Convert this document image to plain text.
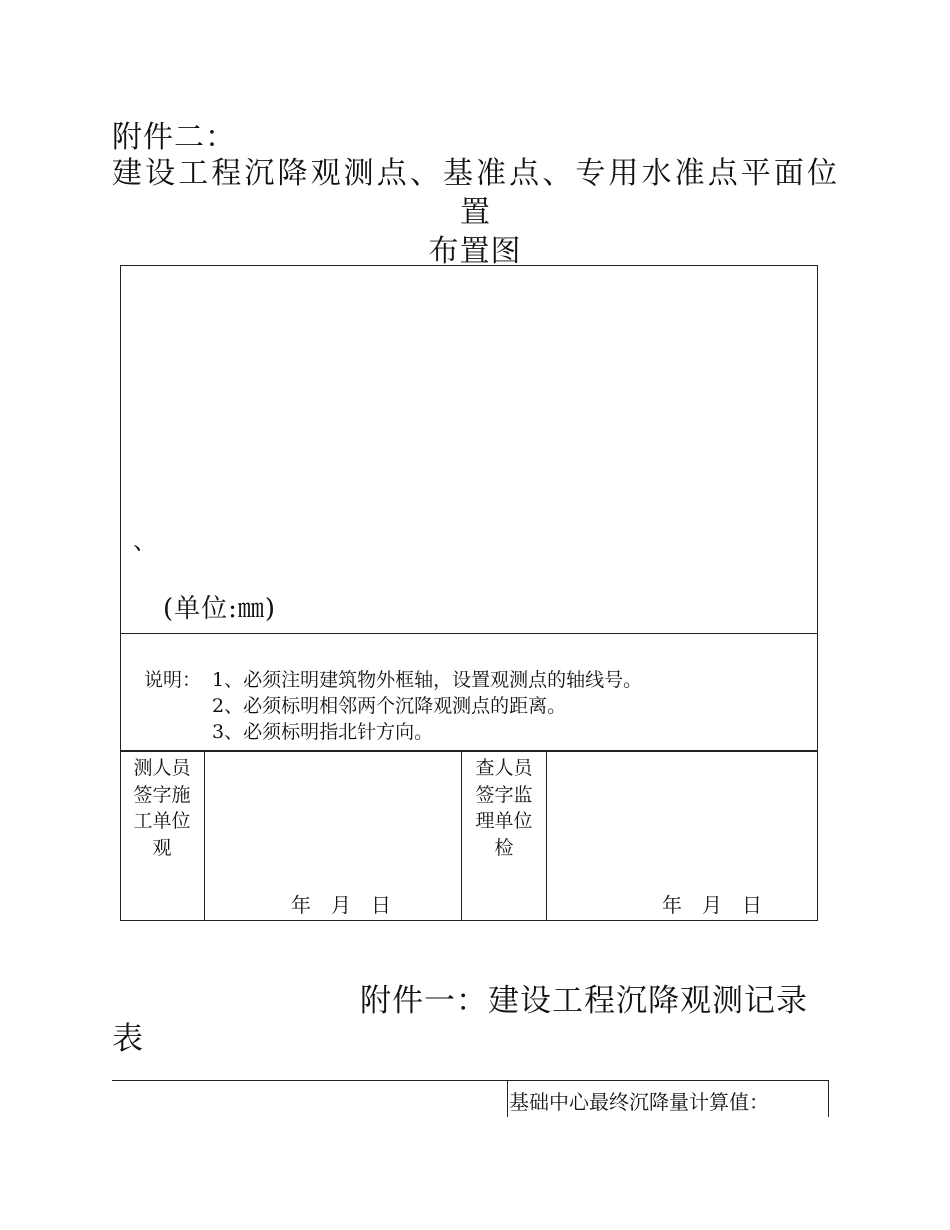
附件二：
建设工程沉降观测点、基准点、专用水准点平面位
置
布置图
、
(单位:㎜)
说明： 1、必须注明建筑物外框轴，设置观测点的轴线号。
2、必须标明相邻两个沉降观测点的距离。
3、必须标明指北针方向。
测人员签字施工单位观
年　月　日
查人员签字监理单位检
年　月　日
附件一：建设工程沉降观测记录
表
基础中心最终沉降量计算值：
